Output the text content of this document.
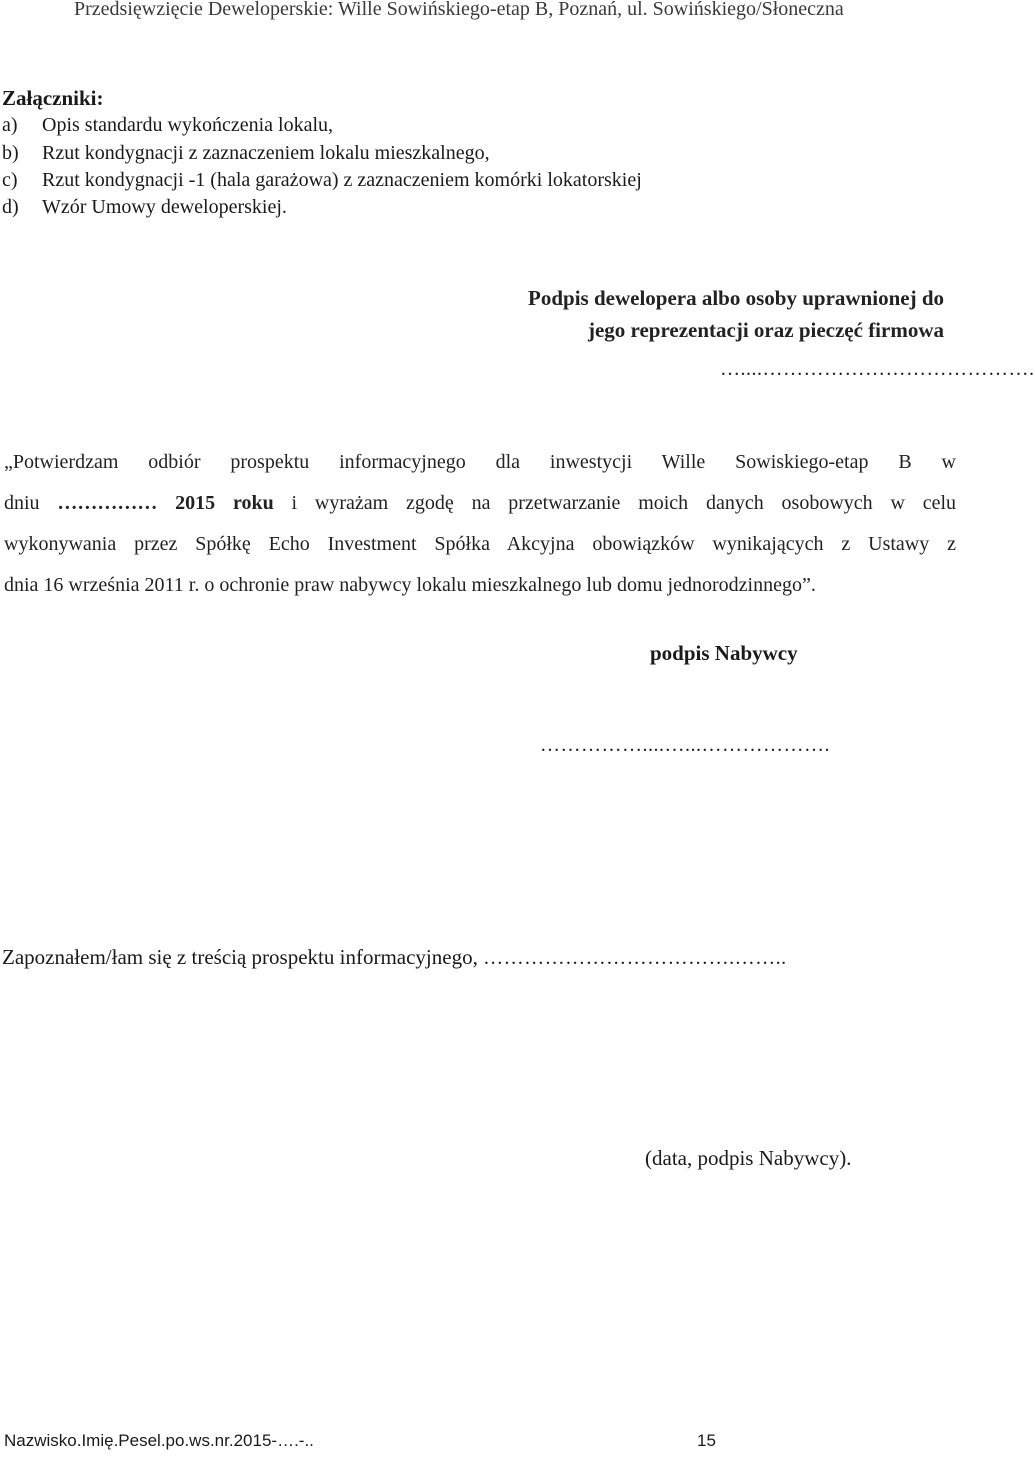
Przedsięwzięcie Deweloperskie: Wille Sowińskiego-etap B, Poznań, ul. Sowińskiego/Słoneczna
Załączniki:
a) Opis standardu wykończenia lokalu,
b) Rzut kondygnacji z zaznaczeniem lokalu mieszkalnego,
c) Rzut kondygnacji -1 (hala garażowa) z zaznaczeniem komórki lokatorskiej
d) Wzór Umowy deweloperskiej.
Podpis dewelopera albo osoby uprawnionej do
jego reprezentacji oraz pieczęć firmowa
…....………………………………….
„Potwierdzam odbiór prospektu informacyjnego dla inwestycji Wille Sowiskiego-etap B w
dniu …………… 2015 roku i wyrażam zgodę na przetwarzanie moich danych osobowych w celu
wykonywania przez Spółkę Echo Investment Spółka Akcyjna obowiązków wynikających z Ustawy z
dnia 16 września 2011 r. o ochronie praw nabywcy lokalu mieszkalnego lub domu jednorodzinnego”.
podpis Nabywcy
……………....…...……………….
Zapoznałem/łam się z treścią prospektu informacyjnego, ……………………………….……..
(data, podpis Nabywcy).
Nazwisko.Imię.Pesel.po.ws.nr.2015-….-..	15
